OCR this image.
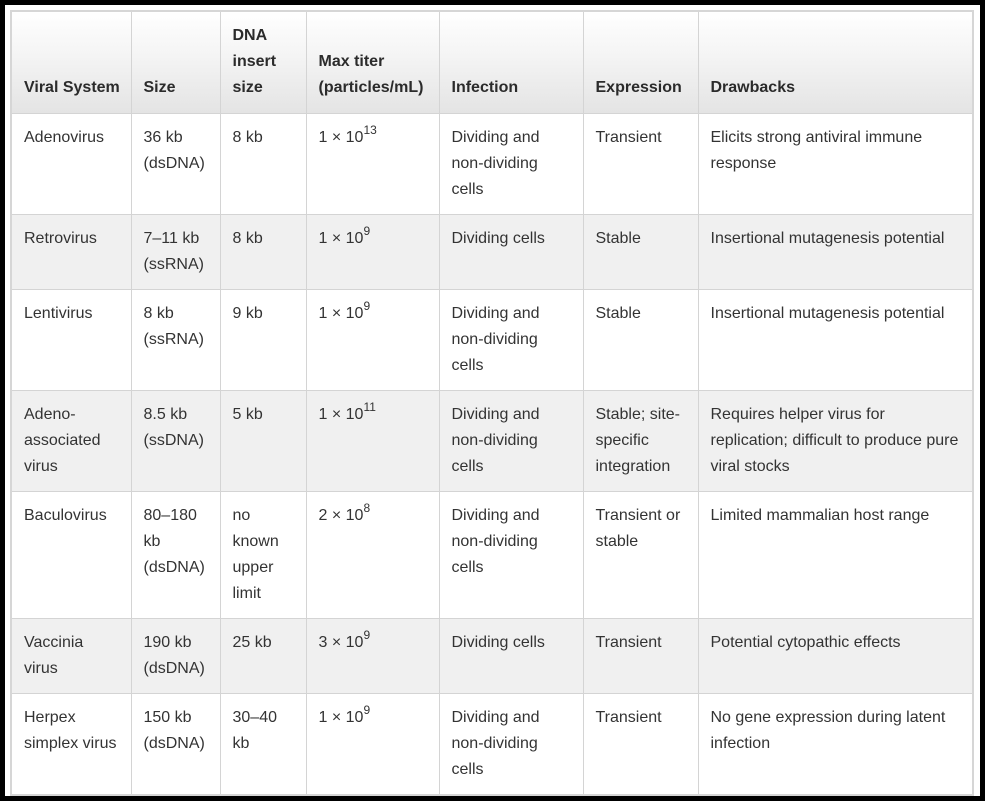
Viral System	Size	DNA insert size	Max titer (particles/mL)	Infection	Expression	Drawbacks
Adenovirus	36 kb (dsDNA)	8 kb	$1 \times 10^{13}$	Dividing and non-dividing cells	Transient	Elicits strong antiviral immune response
Retrovirus	7–11 kb (ssRNA)	8 kb	$1 \times 10^9$	Dividing cells	Stable	Insertional mutagenesis potential
Lentivirus	8 kb (ssRNA)	9 kb	$1 \times 10^9$	Dividing and non-dividing cells	Stable	Insertional mutagenesis potential
Adeno-associated virus	8.5 kb (ssDNA)	5 kb	$1 \times 10^{11}$	Dividing and non-dividing cells	Stable; site-specific integration	Requires helper virus for replication; difficult to produce pure viral stocks
Baculovirus	80–180 kb (dsDNA)	no known upper limit	$2 \times 10^8$	Dividing and non-dividing cells	Transient or stable	Limited mammalian host range
Vaccinia virus	190 kb (dsDNA)	25 kb	$3 \times 10^9$	Dividing cells	Transient	Potential cytopathic effects
Herpex simplex virus	150 kb (dsDNA)	30–40 kb	$1 \times 10^9$	Dividing and non-dividing cells	Transient	No gene expression during latent infection
